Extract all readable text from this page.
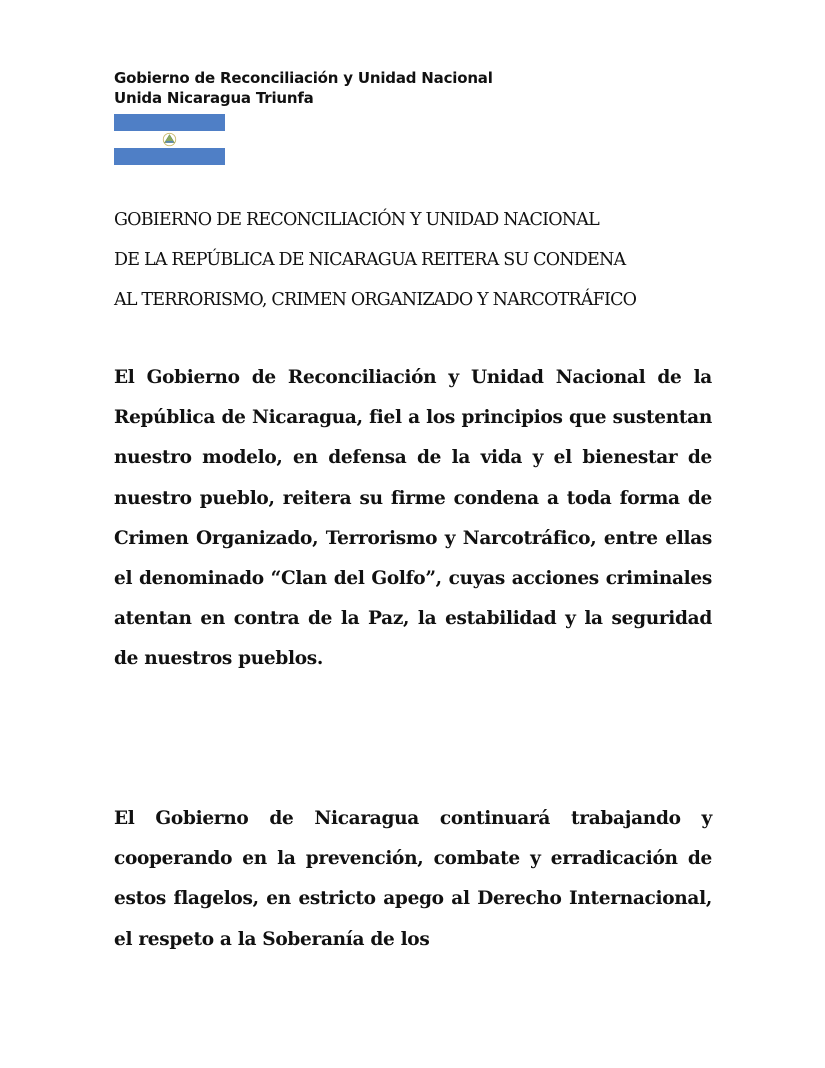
Gobierno de Reconciliación y Unidad Nacional
Unida Nicaragua Triunfa
GOBIERNO DE RECONCILIACIÓN Y UNIDAD NACIONAL
DE LA REPÚBLICA DE NICARAGUA REITERA SU CONDENA
AL TERRORISMO, CRIMEN ORGANIZADO Y NARCOTRÁFICO

El Gobierno de Reconciliación y Unidad Nacional de la República de Nicaragua, fiel a los principios que sustentan nuestro modelo, en defensa de la vida y el bienestar de nuestro pueblo, reitera su firme condena a toda forma de Crimen Organizado, Terrorismo y Narcotráfico, entre ellas el denominado “Clan del Golfo”, cuyas acciones criminales atentan en contra de la Paz, la estabilidad y la seguridad de nuestros pueblos.

El Gobierno de Nicaragua continuará trabajando y cooperando en la prevención, combate y erradicación de estos flagelos, en estricto apego al Derecho Internacional, el respeto a la Soberanía de los
